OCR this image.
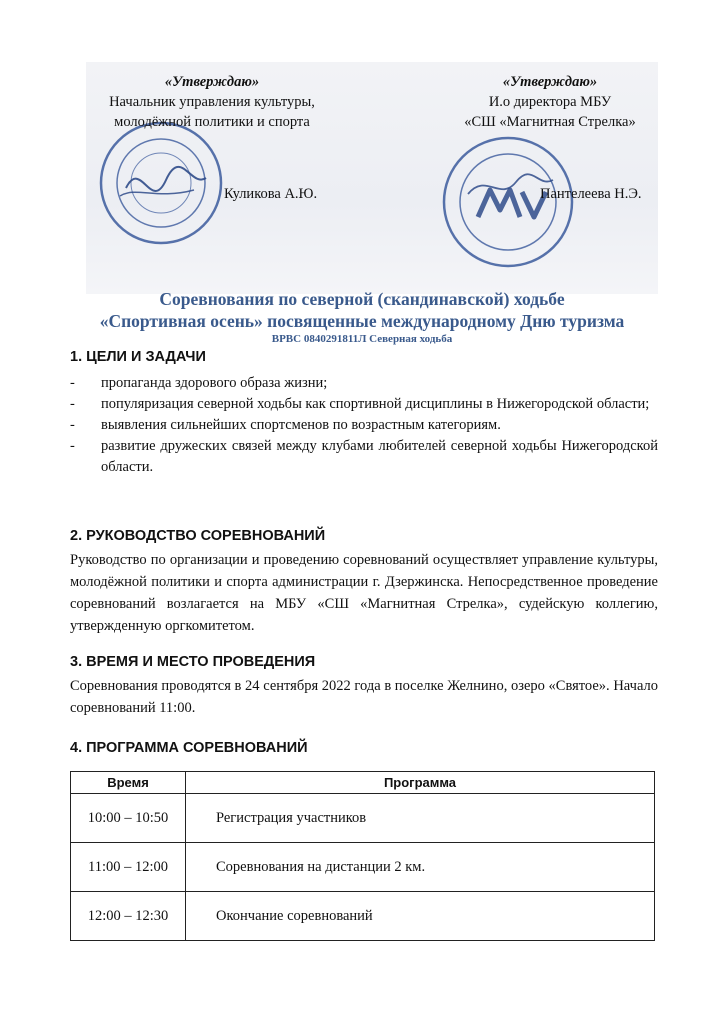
«Утверждаю»
Начальник управления культуры,
молодёжной политики и спорта
Куликова А.Ю.
«Утверждаю»
И.о директора МБУ
«СШ «Магнитная Стрелка»
Пантелеева Н.Э.
Соревнования по северной (скандинавской) ходьбе
«Спортивная осень» посвященные международному Дню туризма
ВРВС 0840291811Л Северная ходьба
1. ЦЕЛИ И ЗАДАЧИ
- пропаганда здорового образа жизни;
- популяризация северной ходьбы как спортивной дисциплины в Нижегородской области;
- выявления сильнейших спортсменов по возрастным категориям.
- развитие дружеских связей между клубами любителей северной ходьбы Нижегородской области.
2. РУКОВОДСТВО СОРЕВНОВАНИЙ
Руководство по организации и проведению соревнований осуществляет управление культуры, молодёжной политики и спорта администрации г. Дзержинска. Непосредственное проведение соревнований возлагается на МБУ «СШ «Магнитная Стрелка», судейскую коллегию, утвержденную оргкомитетом.
3. ВРЕМЯ И МЕСТО ПРОВЕДЕНИЯ
Соревнования проводятся в 24 сентября 2022 года в поселке Желнино, озеро «Святое». Начало соревнований 11:00.
4. ПРОГРАММА СОРЕВНОВАНИЙ
Время	Программа
10:00 – 10:50	Регистрация участников
11:00 – 12:00	Соревнования на дистанции 2 км.
12:00 – 12:30	Окончание соревнований
